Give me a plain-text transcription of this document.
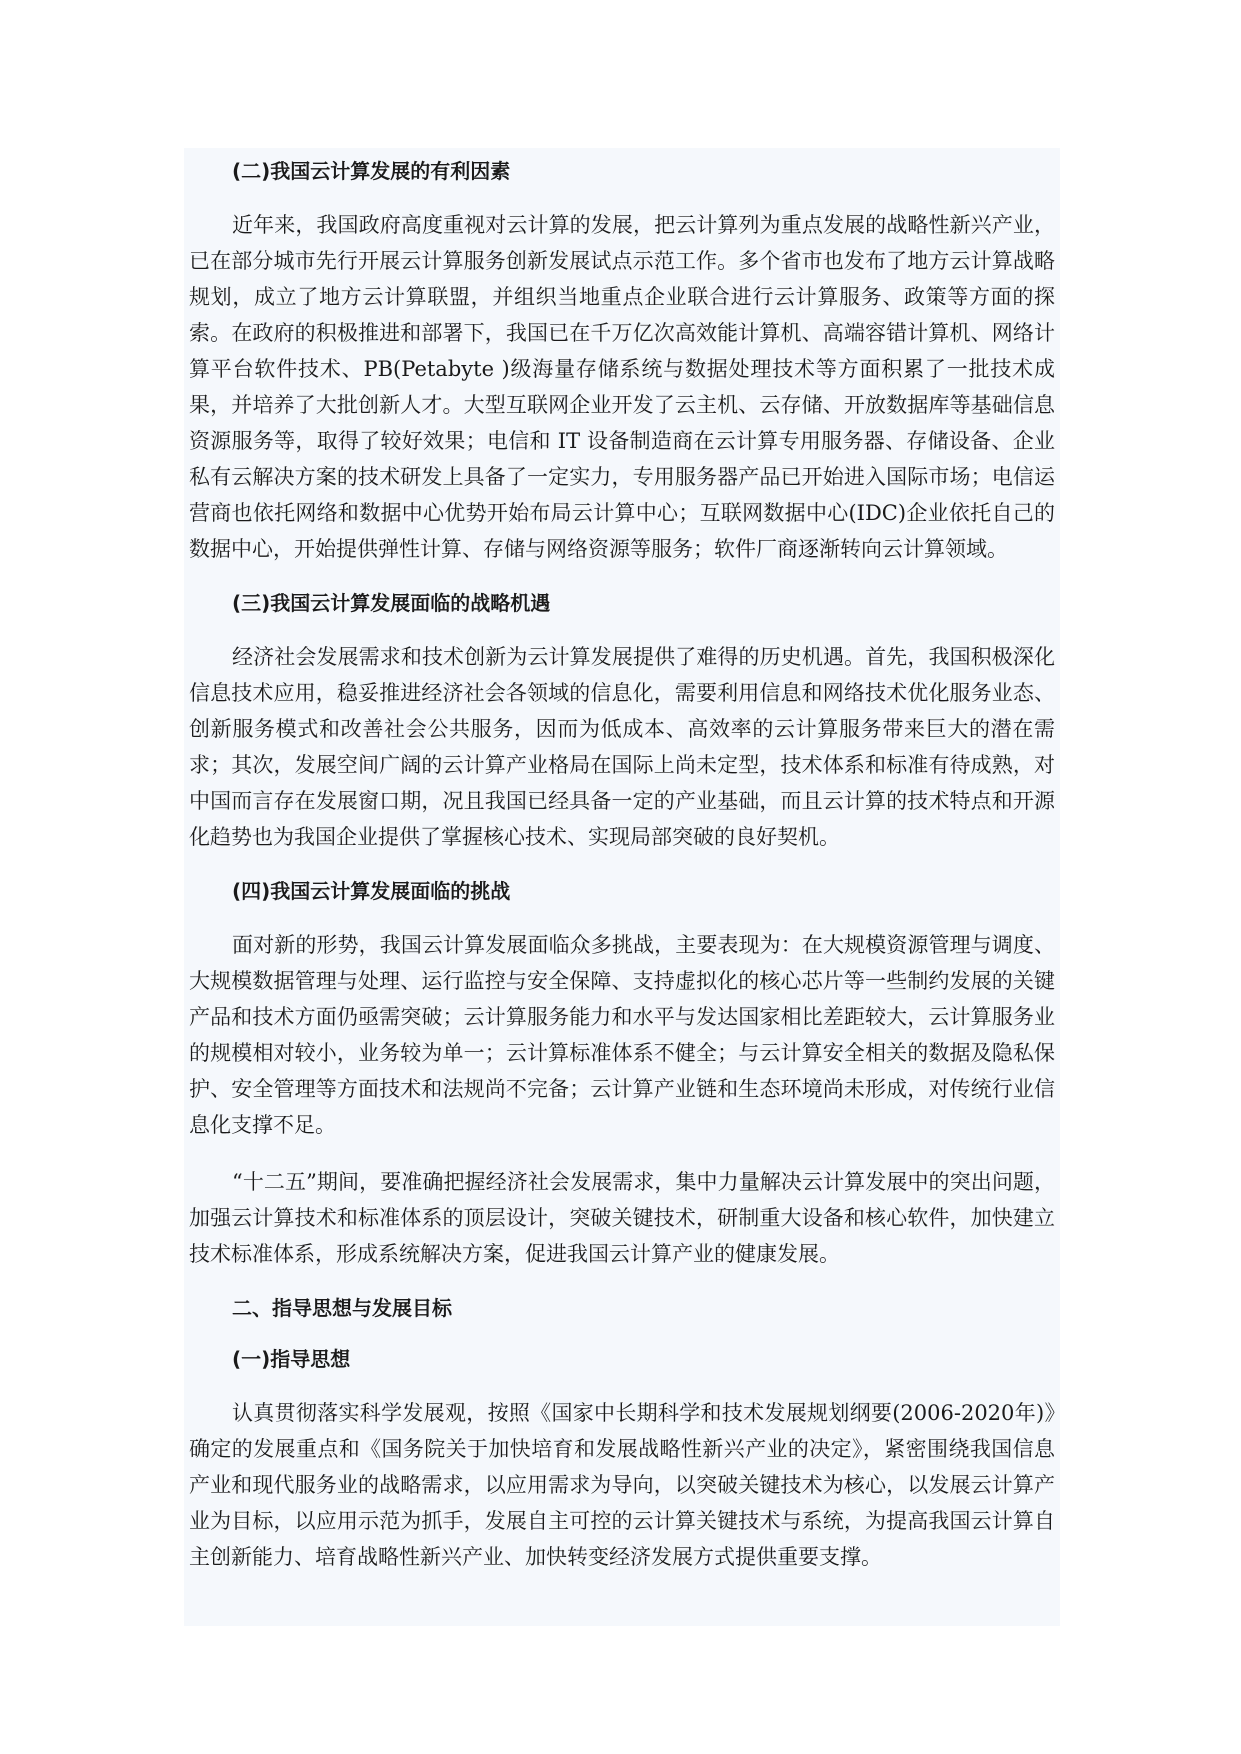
(二)我国云计算发展的有利因素

近年来，我国政府高度重视对云计算的发展，把云计算列为重点发展的战略性新兴产业，已在部分城市先行开展云计算服务创新发展试点示范工作。多个省市也发布了地方云计算战略规划，成立了地方云计算联盟，并组织当地重点企业联合进行云计算服务、政策等方面的探索。在政府的积极推进和部署下，我国已在千万亿次高效能计算机、高端容错计算机、网络计算平台软件技术、PB(Petabyte )级海量存储系统与数据处理技术等方面积累了一批技术成果，并培养了大批创新人才。大型互联网企业开发了云主机、云存储、开放数据库等基础信息资源服务等，取得了较好效果；电信和 IT 设备制造商在云计算专用服务器、存储设备、企业私有云解决方案的技术研发上具备了一定实力，专用服务器产品已开始进入国际市场；电信运营商也依托网络和数据中心优势开始布局云计算中心；互联网数据中心(IDC)企业依托自己的数据中心，开始提供弹性计算、存储与网络资源等服务；软件厂商逐渐转向云计算领域。

(三)我国云计算发展面临的战略机遇

经济社会发展需求和技术创新为云计算发展提供了难得的历史机遇。首先，我国积极深化信息技术应用，稳妥推进经济社会各领域的信息化，需要利用信息和网络技术优化服务业态、创新服务模式和改善社会公共服务，因而为低成本、高效率的云计算服务带来巨大的潜在需求；其次，发展空间广阔的云计算产业格局在国际上尚未定型，技术体系和标准有待成熟，对中国而言存在发展窗口期，况且我国已经具备一定的产业基础，而且云计算的技术特点和开源化趋势也为我国企业提供了掌握核心技术、实现局部突破的良好契机。

(四)我国云计算发展面临的挑战

面对新的形势，我国云计算发展面临众多挑战，主要表现为：在大规模资源管理与调度、大规模数据管理与处理、运行监控与安全保障、支持虚拟化的核心芯片等一些制约发展的关键产品和技术方面仍亟需突破；云计算服务能力和水平与发达国家相比差距较大，云计算服务业的规模相对较小，业务较为单一；云计算标准体系不健全；与云计算安全相关的数据及隐私保护、安全管理等方面技术和法规尚不完备；云计算产业链和生态环境尚未形成，对传统行业信息化支撑不足。

“十二五”期间，要准确把握经济社会发展需求，集中力量解决云计算发展中的突出问题，加强云计算技术和标准体系的顶层设计，突破关键技术，研制重大设备和核心软件，加快建立技术标准体系，形成系统解决方案，促进我国云计算产业的健康发展。

二、指导思想与发展目标
(一)指导思想

认真贯彻落实科学发展观，按照《国家中长期科学和技术发展规划纲要(2006-2020年)》确定的发展重点和《国务院关于加快培育和发展战略性新兴产业的决定》，紧密围绕我国信息产业和现代服务业的战略需求，以应用需求为导向，以突破关键技术为核心，以发展云计算产业为目标，以应用示范为抓手，发展自主可控的云计算关键技术与系统，为提高我国云计算自主创新能力、培育战略性新兴产业、加快转变经济发展方式提供重要支撑。
